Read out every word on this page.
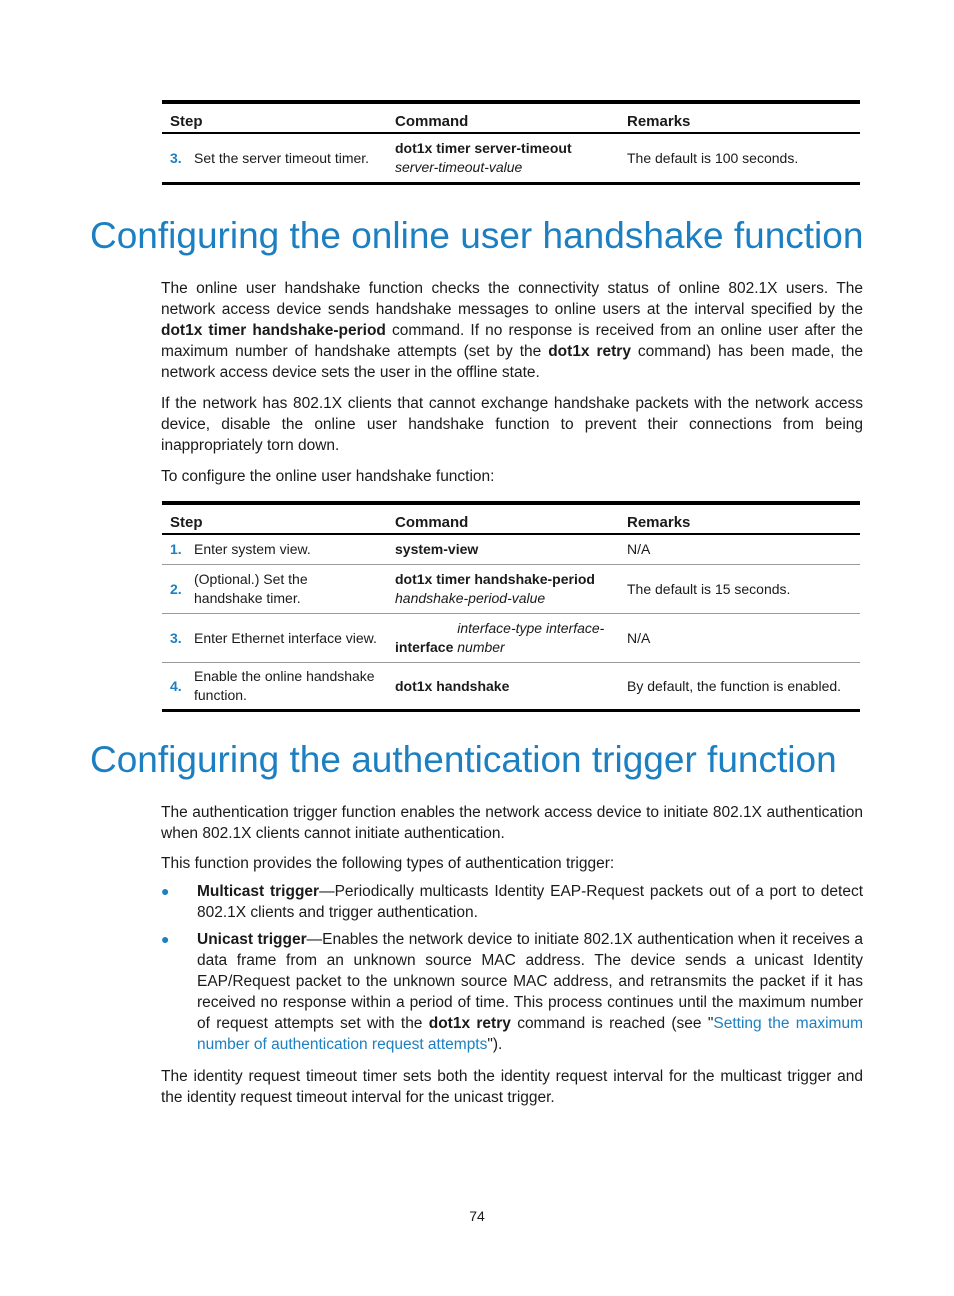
Step		Command	Remarks
3.	Set the server timeout timer.	dot1x timer server-timeout
server-timeout-value	The default is 100 seconds.
Configuring the online user handshake function

The online user handshake function checks the connectivity status of online 802.1X users. The network access device sends handshake messages to online users at the interval specified by the dot1x timer handshake-period command. If no response is received from an online user after the maximum number of handshake attempts (set by the dot1x retry command) has been made, the network access device sets the user in the offline state.

If the network has 802.1X clients that cannot exchange handshake packets with the network access device, disable the online user handshake function to prevent their connections from being inappropriately torn down.

To configure the online user handshake function:

Step		Command	Remarks
1.	Enter system view.	system-view	N/A
2.	(Optional.) Set the handshake timer.	dot1x timer handshake-period
handshake-period-value	The default is 15 seconds.
3.	Enter Ethernet interface view.	interface interface-type interface-number	N/A
4.	Enable the online handshake function.	dot1x handshake	By default, the function is enabled.
Configuring the authentication trigger function

The authentication trigger function enables the network access device to initiate 802.1X authentication when 802.1X clients cannot initiate authentication.

This function provides the following types of authentication trigger:

● Multicast trigger—Periodically multicasts Identity EAP-Request packets out of a port to detect 802.1X clients and trigger authentication.
● Unicast trigger—Enables the network device to initiate 802.1X authentication when it receives a data frame from an unknown source MAC address. The device sends a unicast Identity EAP/Request packet to the unknown source MAC address, and retransmits the packet if it has received no response within a period of time. This process continues until the maximum number of request attempts set with the dot1x retry command is reached (see "Setting the maximum number of authentication request attempts").

The identity request timeout timer sets both the identity request interval for the multicast trigger and the identity request timeout interval for the unicast trigger.

74
